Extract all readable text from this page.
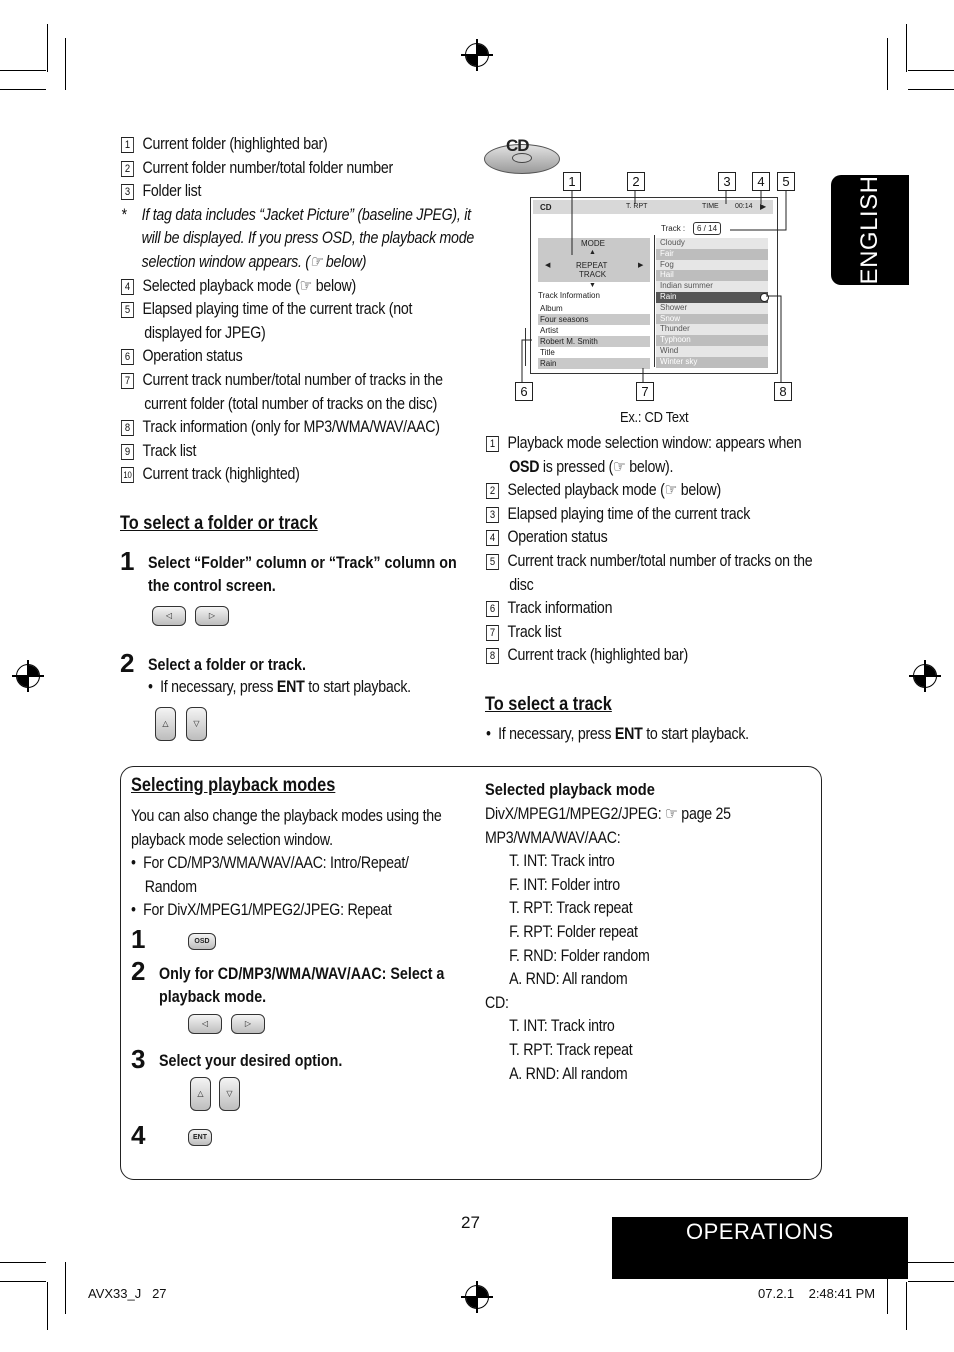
ENGLISH
1 Current folder (highlighted bar)
2 Current folder number/total folder number
3 Folder list
* If tag data includes “Jacket Picture” (baseline JPEG), it
will be displayed. If you press OSD, the playback mode
selection window appears. (☞ below)
4 Selected playback mode (☞ below)
5 Elapsed playing time of the current track (not
displayed for JPEG)
6 Operation status
7 Current track number/total number of tracks in the
current folder (total number of tracks on the disc)
8 Track information (only for MP3/WMA/WAV/AAC)
9 Track list
10 Current track (highlighted)
To select a folder or track
1 Select “Folder” column or “Track” column on
the control screen.
◁	▷
2 Select a folder or track.
• If necessary, press ENT to start playback.
△	▽
CD
CD	T. RPT	TIME 00:14 ▶
Track :	6 / 14
MODE
▲
◀	REPEAT	▶
TRACK
▼
Track Information
Album
Four seasons
Artist
Robert M. Smith
Title
Rain
Cloudy
Fair
Fog
Hail
Indian summer
Rain
Shower
Snow
Thunder
Typhoon
Wind
Winter sky
1	2	3	4	5
6	7	8
Ex.: CD Text
1 Playback mode selection window: appears when
OSD is pressed (☞ below).
2 Selected playback mode (☞ below)
3 Elapsed playing time of the current track
4 Operation status
5 Current track number/total number of tracks on the
disc
6 Track information
7 Track list
8 Current track (highlighted bar)
To select a track
• If necessary, press ENT to start playback.
Selecting playback modes
You can also change the playback modes using the
playback mode selection window.
• For CD/MP3/WMA/WAV/AAC: Intro/Repeat/
Random
• For DivX/MPEG1/MPEG2/JPEG: Repeat
1	OSD
2 Only for CD/MP3/WMA/WAV/AAC: Select a
playback mode.
◁	▷
3 Select your desired option.
△	▽
4	ENT
Selected playback mode
DivX/MPEG1/MPEG2/JPEG: ☞ page 25
MP3/WMA/WAV/AAC:
T. INT: Track intro
F. INT: Folder intro
T. RPT: Track repeat
F. RPT: Folder repeat
F. RND: Folder random
A. RND: All random
CD:
T. INT: Track intro
T. RPT: Track repeat
A. RND: All random
27	OPERATIONS
AVX33_J   27	07.2.1    2:48:41 PM
